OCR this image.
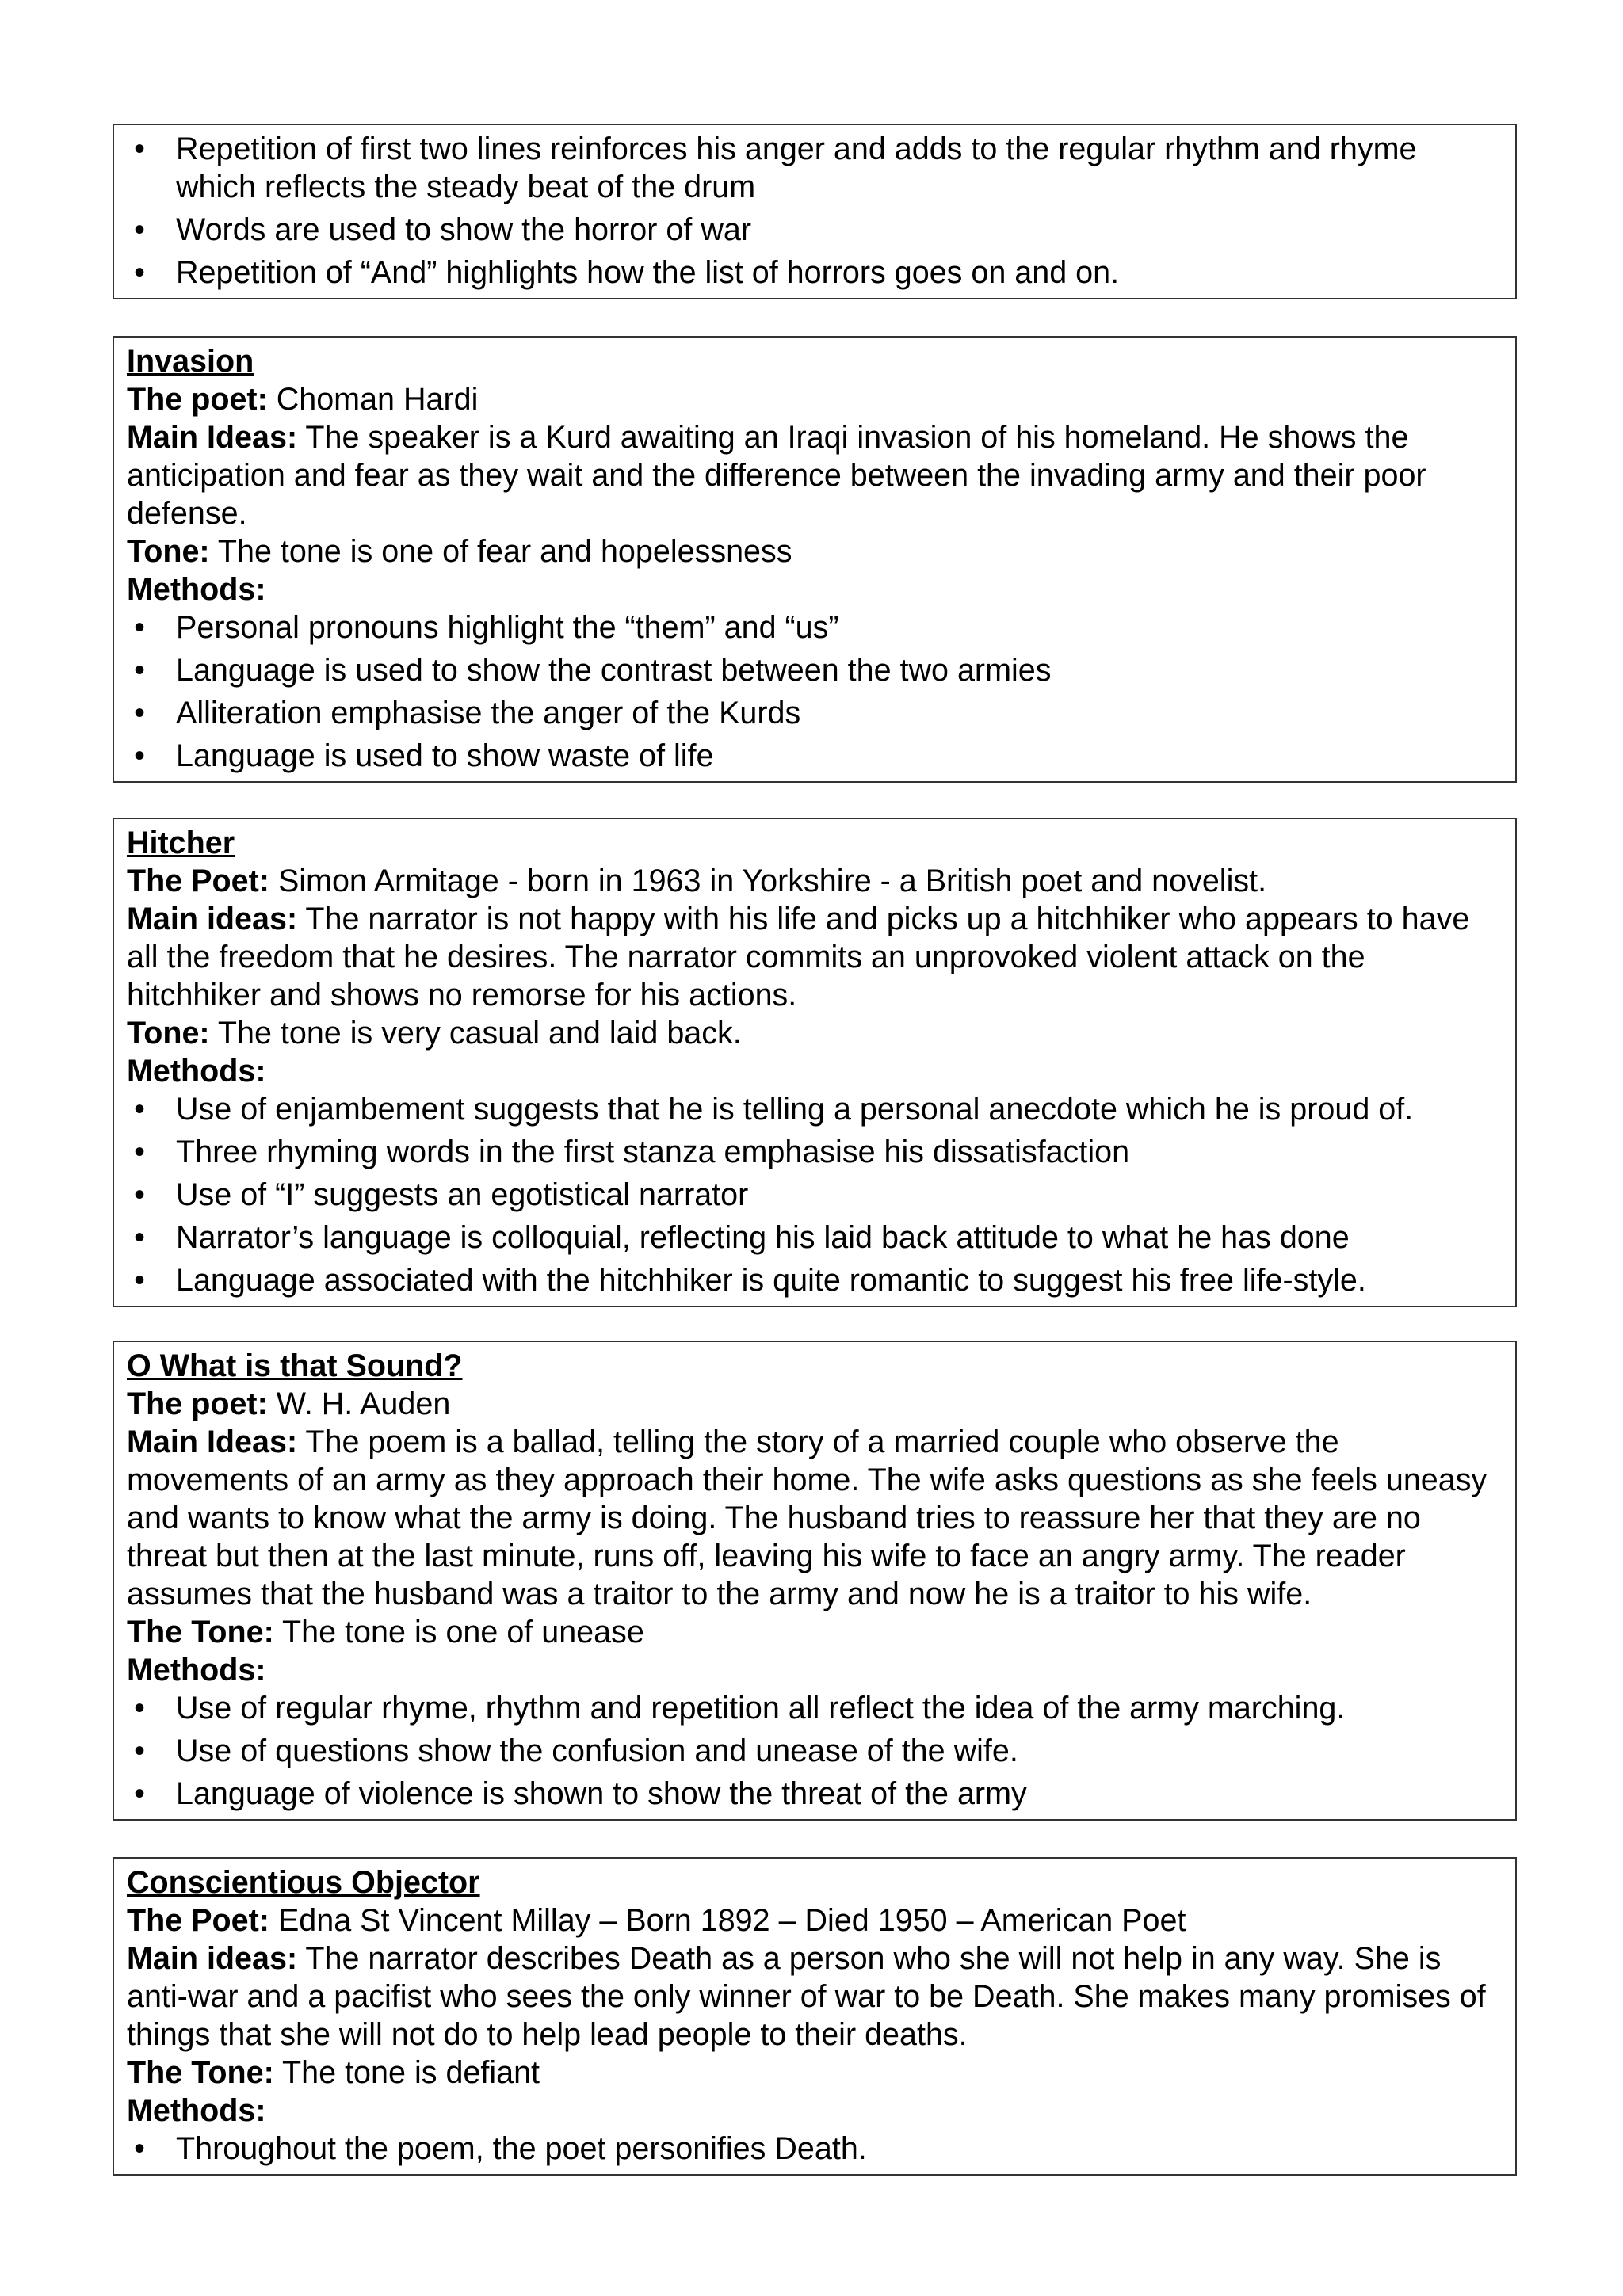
• Repetition of first two lines reinforces his anger and adds to the regular rhythm and rhyme which reflects the steady beat of the drum
• Words are used to show the horror of war
• Repetition of “And” highlights how the list of horrors goes on and on.

Invasion

The poet: Choman Hardi

Main Ideas: The speaker is a Kurd awaiting an Iraqi invasion of his homeland. He shows the anticipation and fear as they wait and the difference between the invading army and their poor defense.

Tone: The tone is one of fear and hopelessness

Methods:

• Personal pronouns highlight the “them” and “us”
• Language is used to show the contrast between the two armies
• Alliteration emphasise the anger of the Kurds
• Language is used to show waste of life

Hitcher

The Poet: Simon Armitage - born in 1963 in Yorkshire - a British poet and novelist.

Main ideas: The narrator is not happy with his life and picks up a hitchhiker who appears to have all the freedom that he desires. The narrator commits an unprovoked violent attack on the hitchhiker and shows no remorse for his actions.

Tone: The tone is very casual and laid back.

Methods:

• Use of enjambement suggests that he is telling a personal anecdote which he is proud of.
• Three rhyming words in the first stanza emphasise his dissatisfaction
• Use of “I” suggests an egotistical narrator
• Narrator’s language is colloquial, reflecting his laid back attitude to what he has done
• Language associated with the hitchhiker is quite romantic to suggest his free life-style.

O What is that Sound?

The poet: W. H. Auden

Main Ideas: The poem is a ballad, telling the story of a married couple who observe the movements of an army as they approach their home. The wife asks questions as she feels uneasy and wants to know what the army is doing. The husband tries to reassure her that they are no threat but then at the last minute, runs off, leaving his wife to face an angry army. The reader assumes that the husband was a traitor to the army and now he is a traitor to his wife.

The Tone: The tone is one of unease

Methods:

• Use of regular rhyme, rhythm and repetition all reflect the idea of the army marching.
• Use of questions show the confusion and unease of the wife.
• Language of violence is shown to show the threat of the army

Conscientious Objector

The Poet: Edna St Vincent Millay – Born 1892 – Died 1950 – American Poet

Main ideas: The narrator describes Death as a person who she will not help in any way. She is anti-war and a pacifist who sees the only winner of war to be Death. She makes many promises of things that she will not do to help lead people to their deaths.

The Tone: The tone is defiant

Methods:

• Throughout the poem, the poet personifies Death.
